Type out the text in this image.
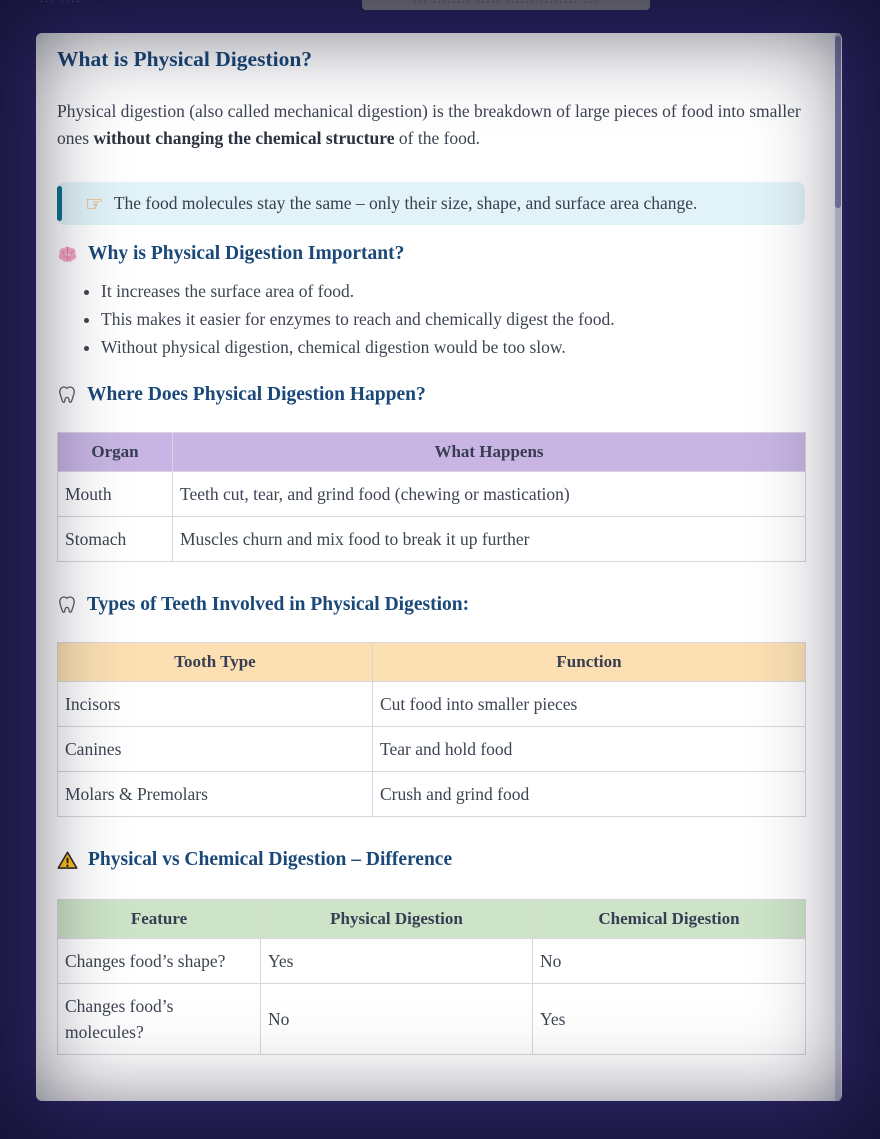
··· ····	··· ········ ····· ······ ········ ···
What is Physical Digestion?

Physical digestion (also called mechanical digestion) is the breakdown of large pieces of food into smaller ones without changing the chemical structure of the food.

☞ The food molecules stay the same – only their size, shape, and surface area change.
Why is Physical Digestion Important?
• It increases the surface area of food.
• This makes it easier for enzymes to reach and chemically digest the food.
• Without physical digestion, chemical digestion would be too slow.
Where Does Physical Digestion Happen?
Organ	What Happens
Mouth	Teeth cut, tear, and grind food (chewing or mastication)
Stomach	Muscles churn and mix food to break it up further
Types of Teeth Involved in Physical Digestion:
Tooth Type	Function
Incisors	Cut food into smaller pieces
Canines	Tear and hold food
Molars & Premolars	Crush and grind food
Physical vs Chemical Digestion – Difference
Feature	Physical Digestion	Chemical Digestion
Changes food’s shape?	Yes	No
Changes food’s molecules?	No	Yes
